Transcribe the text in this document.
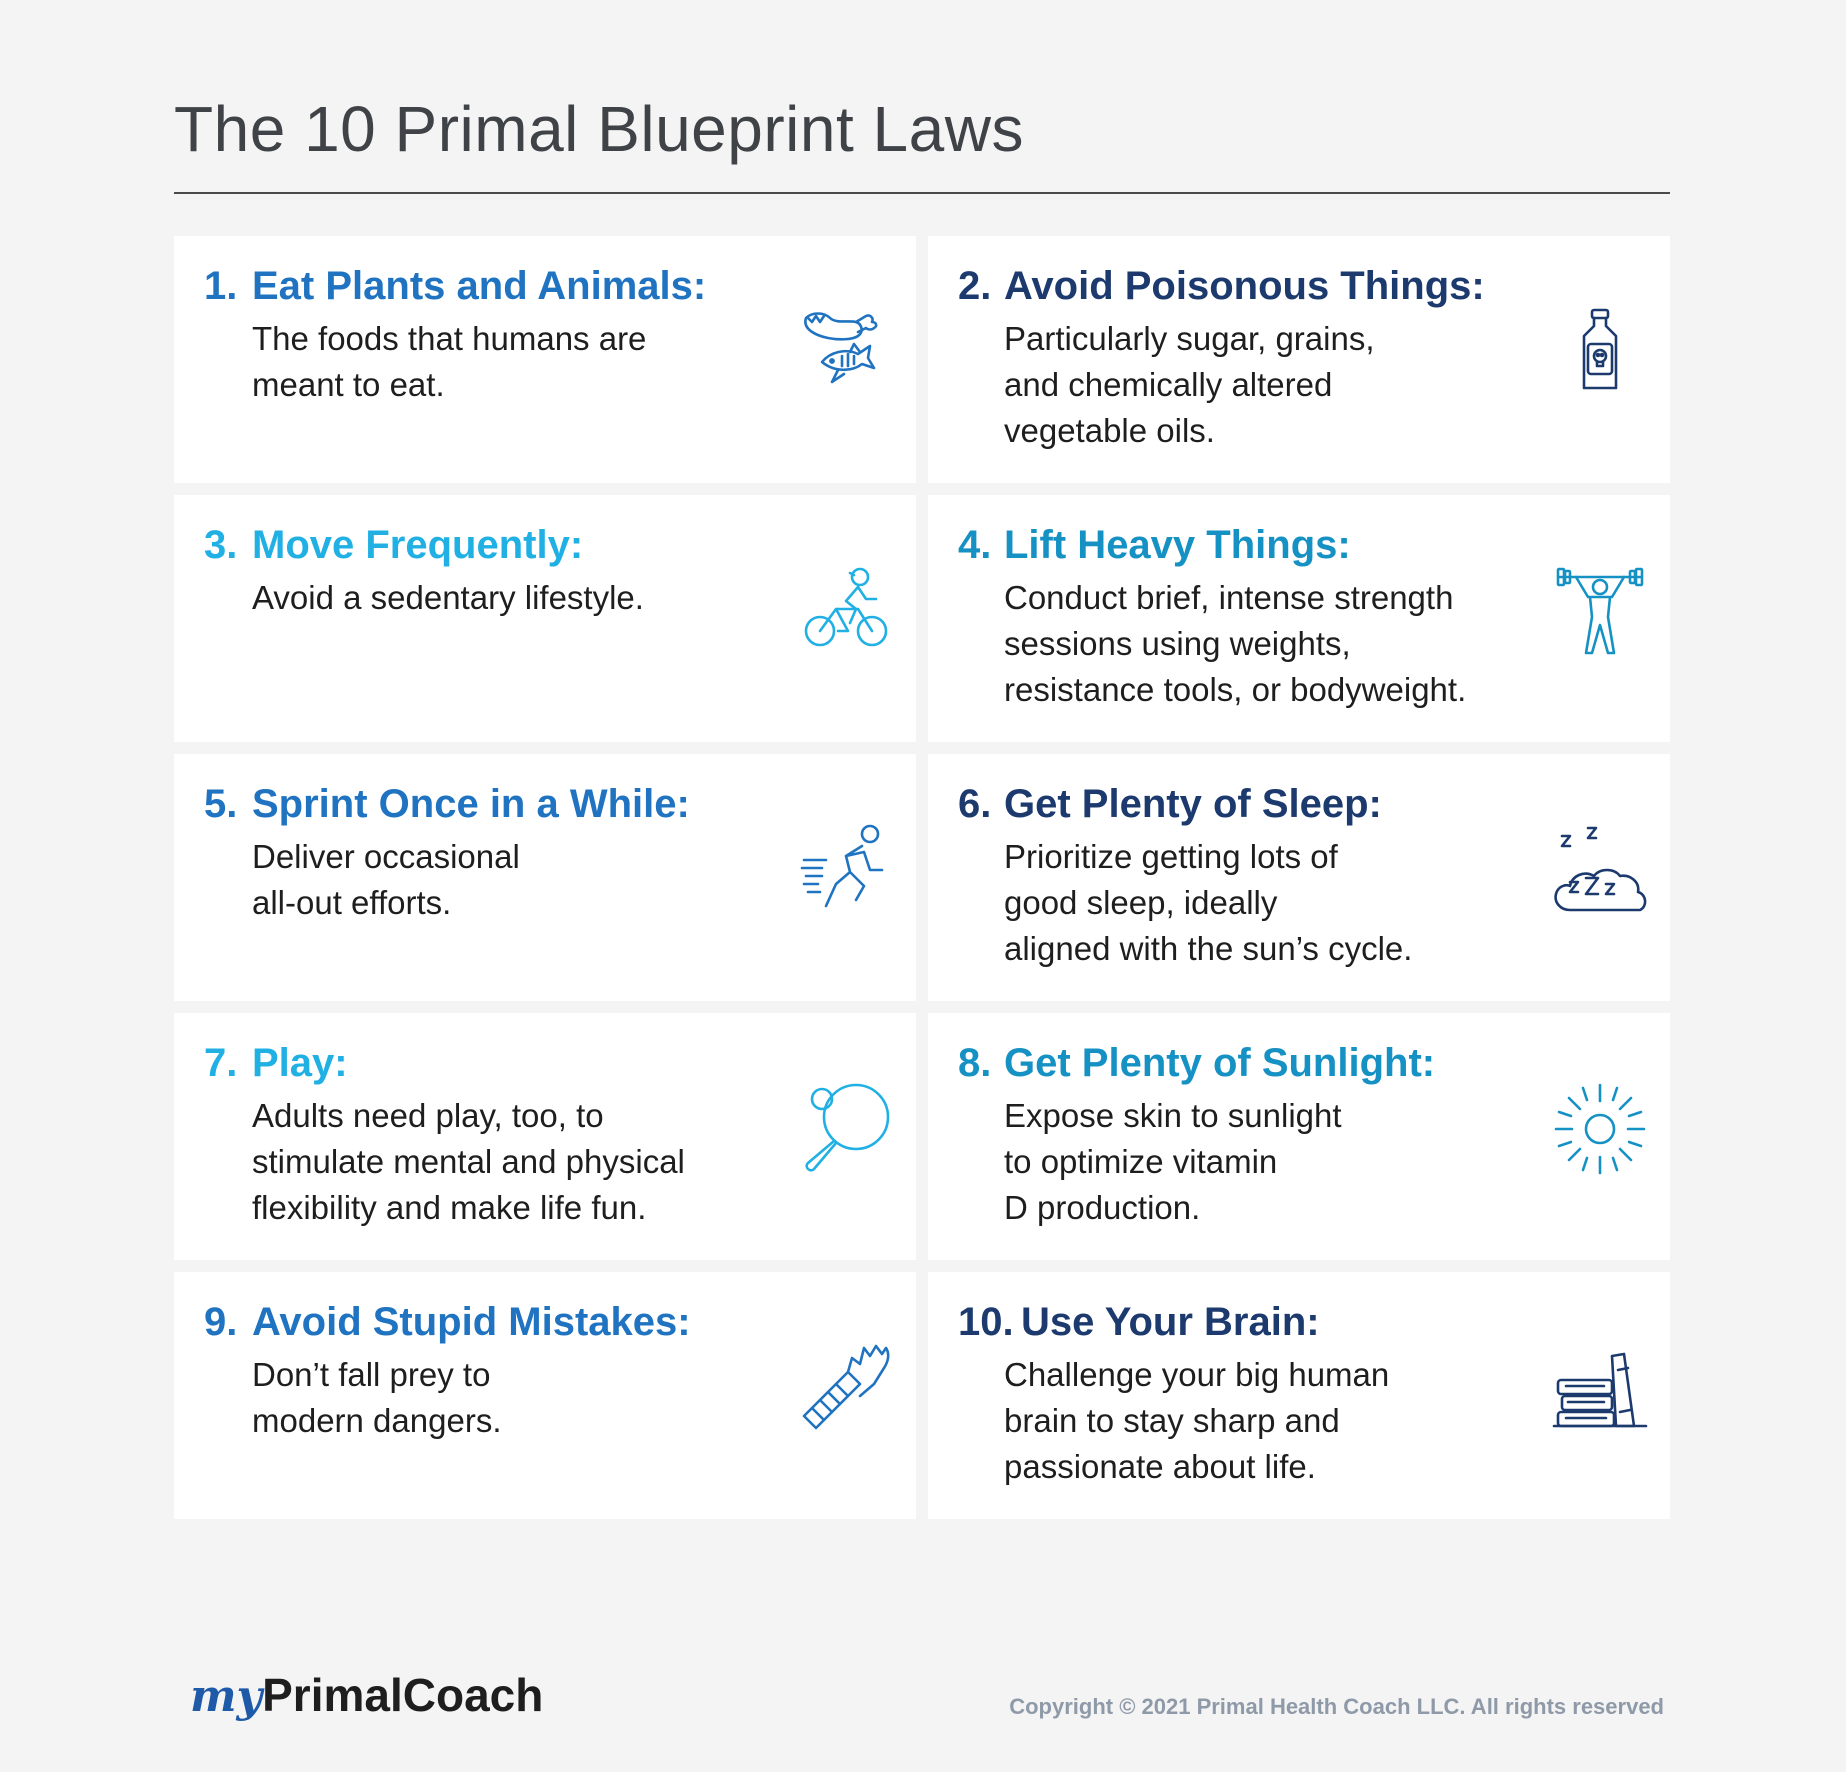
The 10 Primal Blueprint Laws
1. Eat Plants and Animals:
The foods that humans are
meant to eat.
2. Avoid Poisonous Things:
Particularly sugar, grains,
and chemically altered
vegetable oils.
3. Move Frequently:
Avoid a sedentary lifestyle.
4. Lift Heavy Things:
Conduct brief, intense strength
sessions using weights,
resistance tools, or bodyweight.
5. Sprint Once in a While:
Deliver occasional
all-out efforts.
6. Get Plenty of Sleep:
Prioritize getting lots of
good sleep, ideally
aligned with the sun’s cycle.
7. Play:
Adults need play, too, to
stimulate mental and physical
flexibility and make life fun.
8. Get Plenty of Sunlight:
Expose skin to sunlight
to optimize vitamin
D production.
9. Avoid Stupid Mistakes:
Don’t fall prey to
modern dangers.
10. Use Your Brain:
Challenge your big human
brain to stay sharp and
passionate about life.
myPrimalCoach	Copyright © 2021 Primal Health Coach LLC. All rights reserved
